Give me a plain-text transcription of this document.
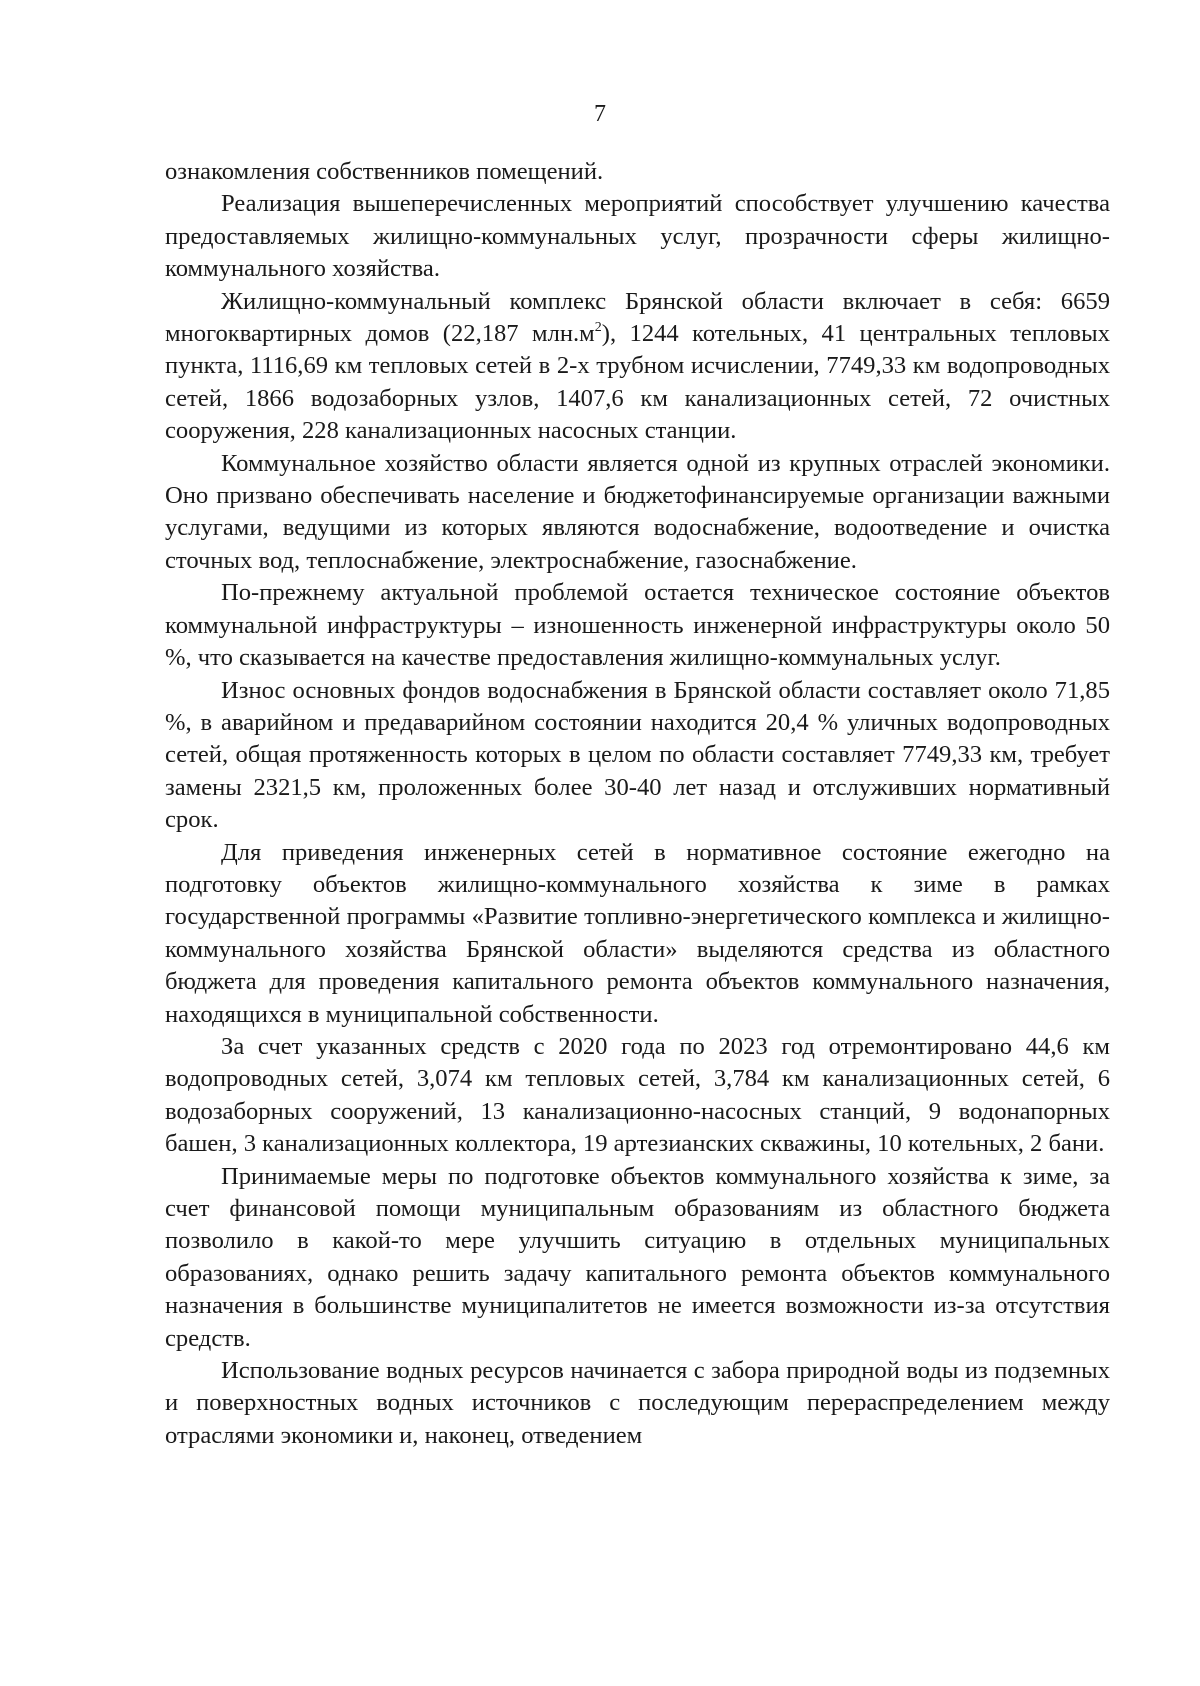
7

ознакомления собственников помещений.

Реализация вышеперечисленных мероприятий способствует улучшению качества предоставляемых жилищно-коммунальных услуг, прозрачности сферы жилищно-коммунального хозяйства.

Жилищно-коммунальный комплекс Брянской области включает в себя: 6659 многоквартирных домов (22,187 $млн.м^2$), 1244 котельных, 41 центральных тепловых пункта, 1116,69 км тепловых сетей в 2-х трубном исчислении, 7749,33 км водопроводных сетей, 1866 водозаборных узлов, 1407,6 км канализационных сетей, 72 очистных сооружения, 228 канализационных насосных станции.

Коммунальное хозяйство области является одной из крупных отраслей экономики. Оно призвано обеспечивать население и бюджетофинансируемые организации важными услугами, ведущими из которых являются водоснабжение, водоотведение и очистка сточных вод, теплоснабжение, электроснабжение, газоснабжение.

По-прежнему актуальной проблемой остается техническое состояние объектов коммунальной инфраструктуры – изношенность инженерной инфраструктуры около 50 %, что сказывается на качестве предоставления жилищно-коммунальных услуг.

Износ основных фондов водоснабжения в Брянской области составляет около 71,85 %, в аварийном и предаварийном состоянии находится 20,4 % уличных водопроводных сетей, общая протяженность которых в целом по области составляет 7749,33 км, требует замены 2321,5 км, проложенных более 30-40 лет назад и отслуживших нормативный срок.

Для приведения инженерных сетей в нормативное состояние ежегодно на подготовку объектов жилищно-коммунального хозяйства к зиме в рамках государственной программы «Развитие топливно-энергетического комплекса и жилищно-коммунального хозяйства Брянской области» выделяются средства из областного бюджета для проведения капитального ремонта объектов коммунального назначения, находящихся в муниципальной собственности.

За счет указанных средств с 2020 года по 2023 год отремонтировано 44,6 км водопроводных сетей, 3,074 км тепловых сетей, 3,784 км канализационных сетей, 6 водозаборных сооружений, 13 канализационно-насосных станций, 9 водонапорных башен, 3 канализационных коллектора, 19 артезианских скважины, 10 котельных, 2 бани.

Принимаемые меры по подготовке объектов коммунального хозяйства к зиме, за счет финансовой помощи муниципальным образованиям из областного бюджета позволило в какой-то мере улучшить ситуацию в отдельных муниципальных образованиях, однако решить задачу капитального ремонта объектов коммунального назначения в большинстве муниципалитетов не имеется возможности из-за отсутствия средств.

Использование водных ресурсов начинается с забора природной воды из подземных и поверхностных водных источников с последующим перераспределением между отраслями экономики и, наконец, отведением
